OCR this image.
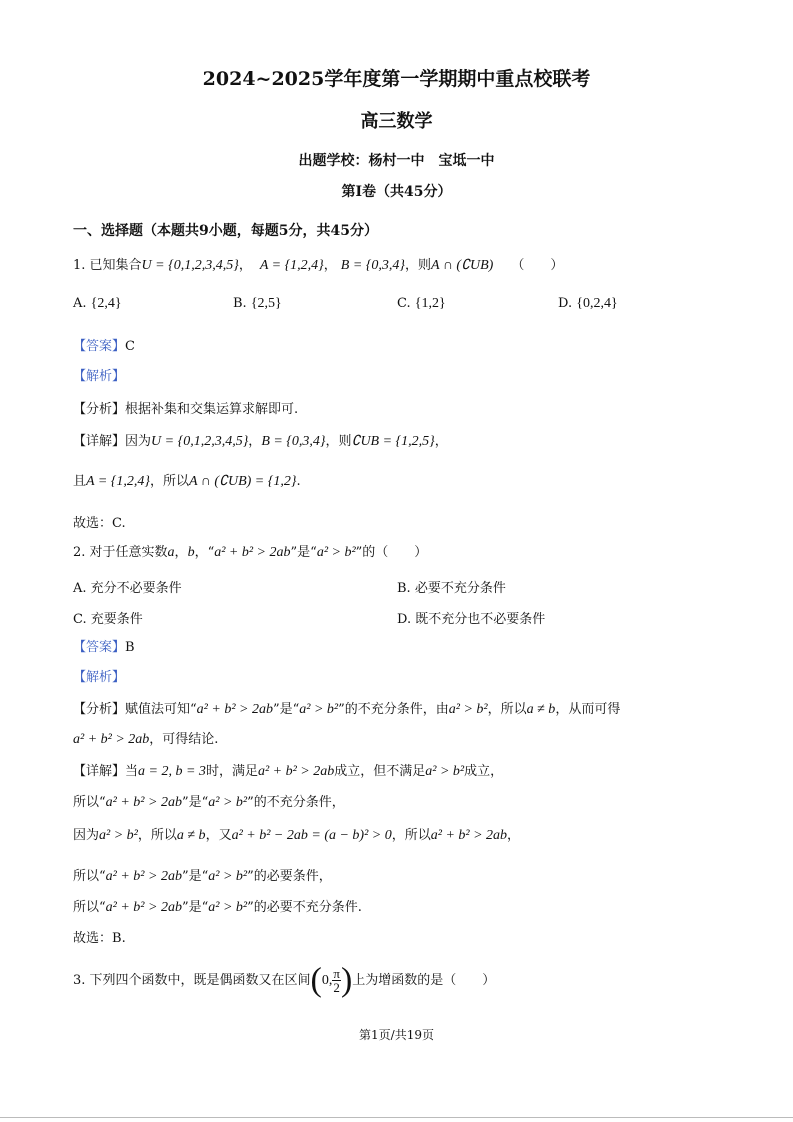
2024~2025学年度第一学期期中重点校联考
高三数学
出题学校：杨村一中　宝坻一中
第Ⅰ卷（共45分）
一、选择题（本题共9小题，每题5分，共45分）
1. 已知集合U = {0,1,2,3,4,5}， A = {1,2,4}， B = {0,3,4}，则A ∩ (∁UB) （　　）
A. {2,4}	B. {2,5}	C. {1,2}	D. {0,2,4}
【答案】C
【解析】
【分析】根据补集和交集运算求解即可.
【详解】因为U = {0,1,2,3,4,5}，B = {0,3,4}，则∁UB = {1,2,5}，
且A = {1,2,4}，所以A ∩ (∁UB) = {1,2}.
故选：C.
2. 对于任意实数a，b，“a² + b² > 2ab”是“a² > b²”的（　　）
A. 充分不必要条件	B. 必要不充分条件
C. 充要条件	D. 既不充分也不必要条件
【答案】B
【解析】
【分析】赋值法可知“a² + b² > 2ab”是“a² > b²”的不充分条件，由a² > b²，所以a ≠ b，从而可得
a² + b² > 2ab，可得结论.
【详解】当a = 2, b = 3时，满足a² + b² > 2ab成立，但不满足a² > b²成立，
所以“a² + b² > 2ab”是“a² > b²”的不充分条件，
因为a² > b²，所以a ≠ b，又a² + b² − 2ab = (a − b)² > 0，所以a² + b² > 2ab，
所以“a² + b² > 2ab”是“a² > b²”的必要条件，
所以“a² + b² > 2ab”是“a² > b²”的必要不充分条件.
故选：B.
3. 下列四个函数中，既是偶函数又在区间(0, $\frac{\pi}{2}$ )上为增函数的是（　　）
第1页/共19页
